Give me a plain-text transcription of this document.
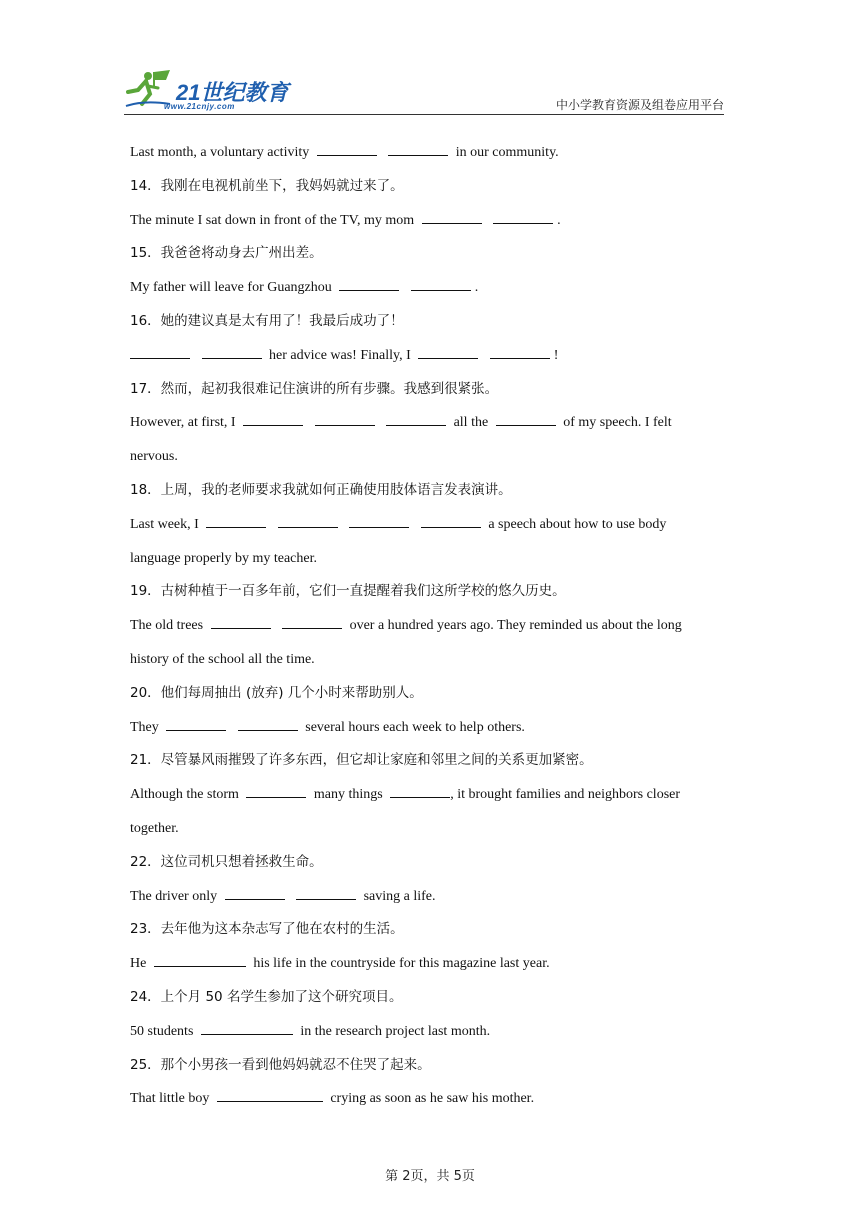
21世纪教育
www.21cnjy.com	中小学教育资源及组卷应用平台
Last month, a voluntary activity	in our community.
14．我刚在电视机前坐下，我妈妈就过来了。
The minute I sat down in front of the TV, my mom	.
15．我爸爸将动身去广州出差。
My father will leave for Guangzhou	.
16．她的建议真是太有用了！我最后成功了！
her advice was! Finally, I	!
17．然而，起初我很难记住演讲的所有步骤。我感到很紧张。
However, at first, I	all the	of my speech. I felt
nervous.
18．上周，我的老师要求我就如何正确使用肢体语言发表演讲。
Last week, I	a speech about how to use body
language properly by my teacher.
19．古树种植于一百多年前，它们一直提醒着我们这所学校的悠久历史。
The old trees	over a hundred years ago. They reminded us about the long
history of the school all the time.
20．他们每周抽出 (放弃) 几个小时来帮助别人。
They	several hours each week to help others.
21．尽管暴风雨摧毁了许多东西，但它却让家庭和邻里之间的关系更加紧密。
Although the storm	many things	, it brought families and neighbors closer
together.
22．这位司机只想着拯救生命。
The driver only	saving a life.
23．去年他为这本杂志写了他在农村的生活。
He	his life in the countryside for this magazine last year.
24．上个月 50 名学生参加了这个研究项目。
50 students	in the research project last month.
25．那个小男孩一看到他妈妈就忍不住哭了起来。
That little boy	crying as soon as he saw his mother.
第 2页，共 5页
